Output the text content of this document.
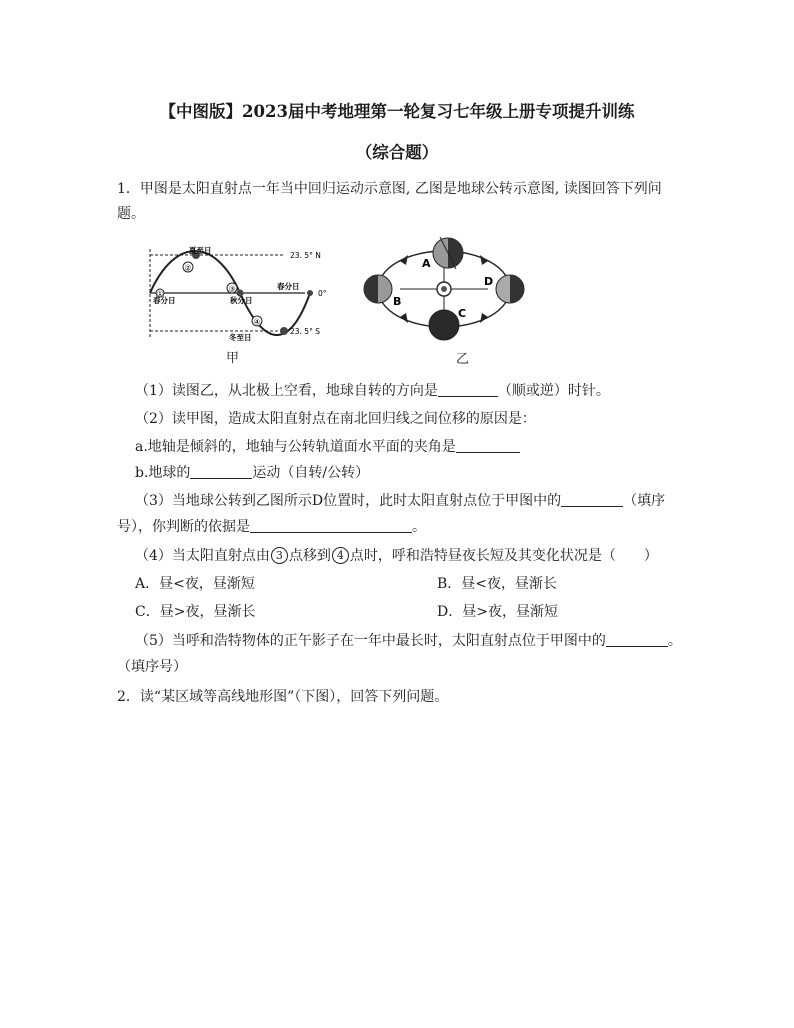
【中图版】2023届中考地理第一轮复习七年级上册专项提升训练
（综合题）
1．甲图是太阳直射点一年当中回归运动示意图, 乙图是地球公转示意图, 读图回答下列问
题。
②
①
③
④
夏至日
春分日	秋分日
春分日
冬至日
23. 5° N
0°
23. 5° S
甲
A
B
C
D
乙
（1）读图乙，从北极上空看，地球自转的方向是	（顺或逆）时针。
（2）读甲图，造成太阳直射点在南北回归线之间位移的原因是：
a.地轴是倾斜的，地轴与公转轨道面水平面的夹角是
b.地球的	运动（自转/公转）
（3）当地球公转到乙图所示D位置时，此时太阳直射点位于甲图中的	（填序
号），你判断的依据是	。
（4）当太阳直射点由 3 点移到 4 点时，呼和浩特昼夜长短及其变化状况是（　　）
A．昼<夜，昼渐短	B．昼<夜，昼渐长
C．昼>夜，昼渐长	D．昼>夜，昼渐短
（5）当呼和浩特物体的正午影子在一年中最长时，太阳直射点位于甲图中的	。
（填序号）
2．读“某区域等高线地形图”（下图），回答下列问题。
